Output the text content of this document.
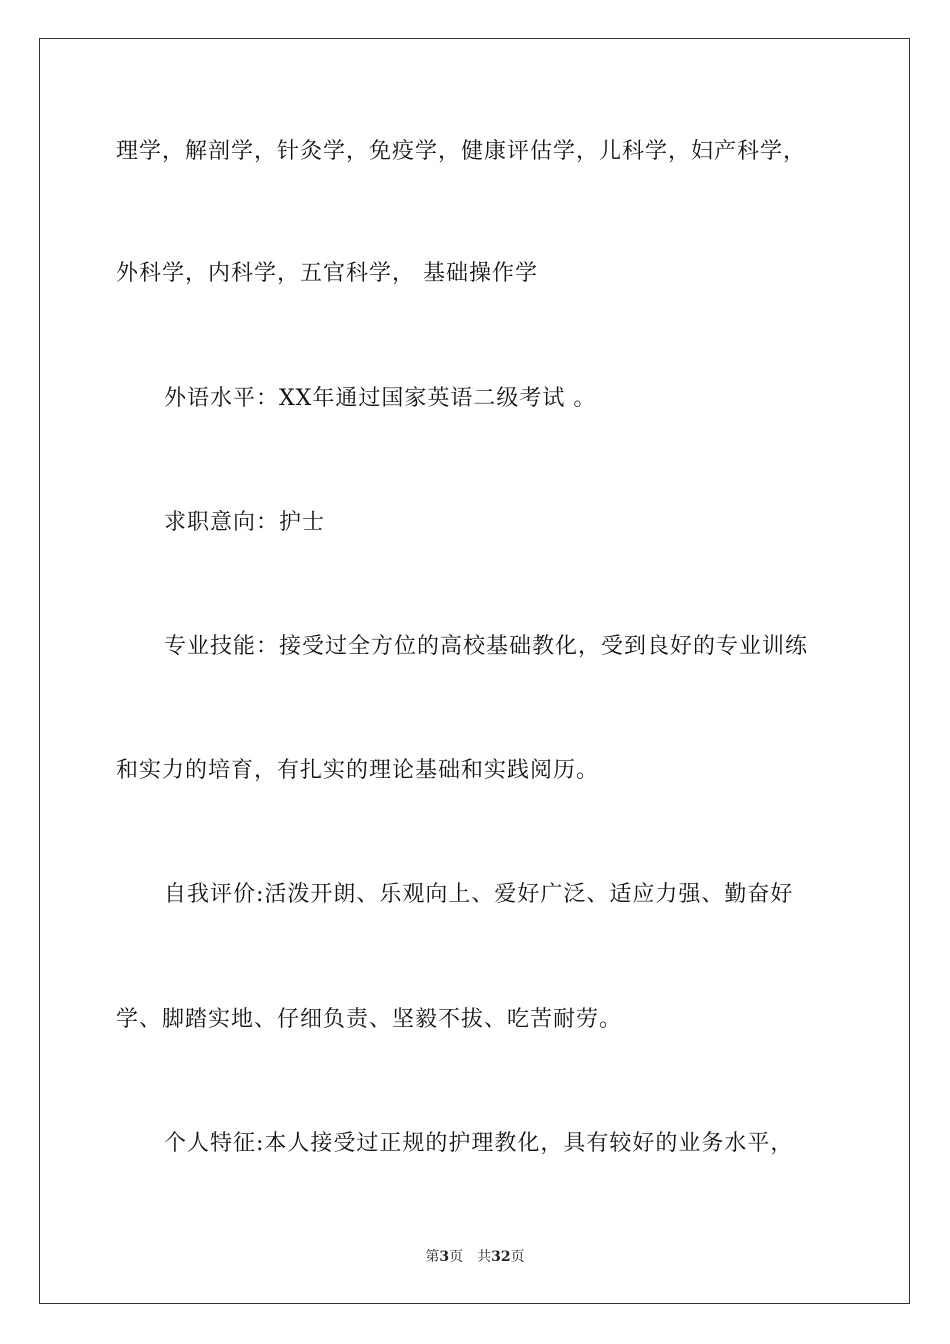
理学，解剖学，针灸学，免疫学，健康评估学，儿科学，妇产科学，
外科学，内科学，五官科学， 基础操作学
外语水平：XX年通过国家英语二级考试 。
求职意向：护士
专业技能：接受过全方位的高校基础教化，受到良好的专业训练
和实力的培育，有扎实的理论基础和实践阅历。
自我评价:活泼开朗、乐观向上、爱好广泛、适应力强、勤奋好
学、脚踏实地、仔细负责、坚毅不拔、吃苦耐劳。
个人特征:本人接受过正规的护理教化，具有较好的业务水平，
第3页 共32页
